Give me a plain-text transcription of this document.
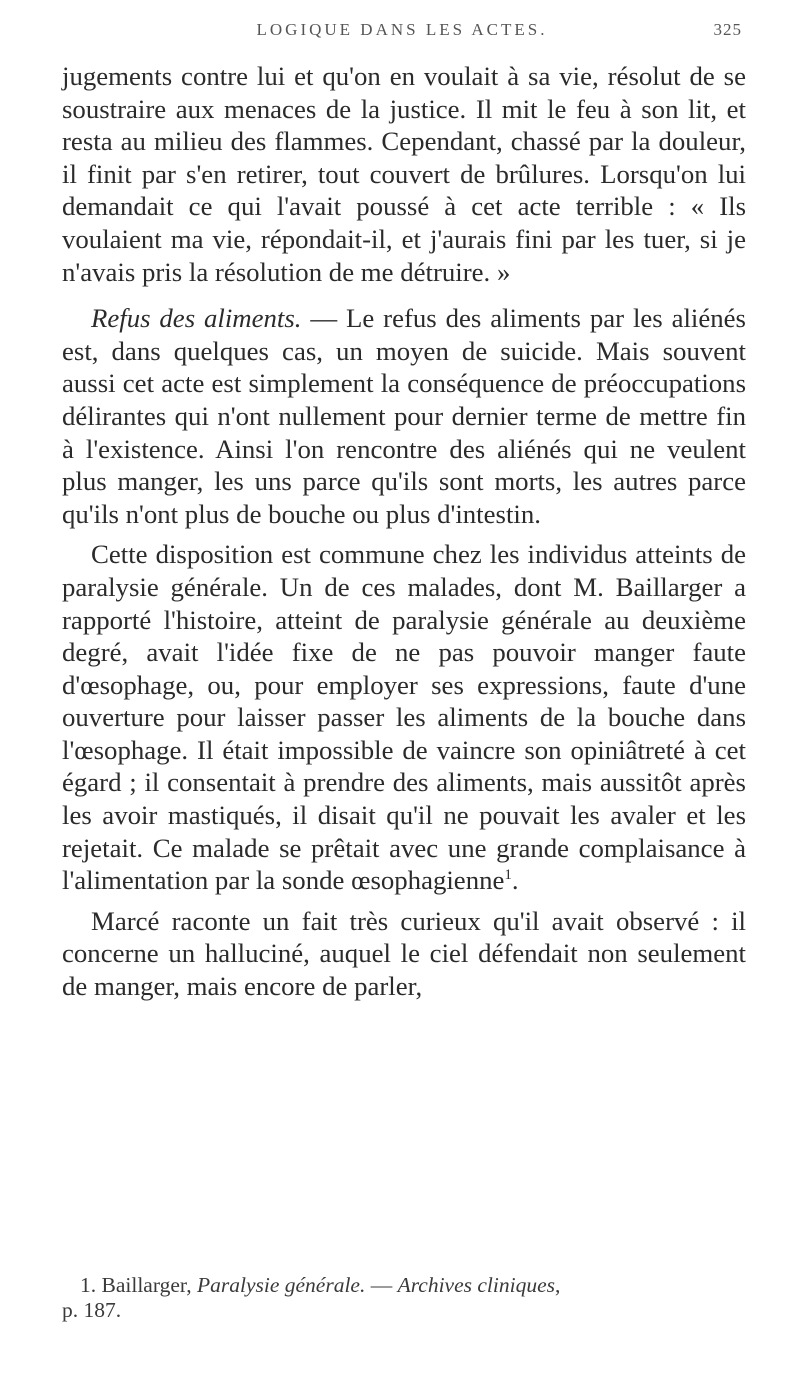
LOGIQUE DANS LES ACTES.	325

jugements contre lui et qu'on en voulait à sa vie, résolut de se soustraire aux menaces de la justice. Il mit le feu à son lit, et resta au milieu des flammes. Cependant, chassé par la douleur, il finit par s'en retirer, tout couvert de brûlures. Lorsqu'on lui demandait ce qui l'avait poussé à cet acte terrible : « Ils voulaient ma vie, répondait-il, et j'aurais fini par les tuer, si je n'avais pris la résolution de me détruire. »

Refus des aliments. — Le refus des aliments par les aliénés est, dans quelques cas, un moyen de suicide. Mais souvent aussi cet acte est simplement la conséquence de préoccupations délirantes qui n'ont nullement pour dernier terme de mettre fin à l'existence. Ainsi l'on rencontre des aliénés qui ne veulent plus manger, les uns parce qu'ils sont morts, les autres parce qu'ils n'ont plus de bouche ou plus d'intestin.

Cette disposition est commune chez les individus atteints de paralysie générale. Un de ces malades, dont M. Baillarger a rapporté l'histoire, atteint de paralysie générale au deuxième degré, avait l'idée fixe de ne pas pouvoir manger faute d'œsophage, ou, pour employer ses expressions, faute d'une ouverture pour laisser passer les aliments de la bouche dans l'œsophage. Il était impossible de vaincre son opiniâtreté à cet égard ; il consentait à prendre des aliments, mais aussitôt après les avoir mastiqués, il disait qu'il ne pouvait les avaler et les rejetait. Ce malade se prêtait avec une grande complaisance à l'alimentation par la sonde œsophagienne$^1$.

Marcé raconte un fait très curieux qu'il avait observé : il concerne un halluciné, auquel le ciel défendait non seulement de manger, mais encore de parler,

1. Baillarger, Paralysie générale. — Archives cliniques,
p. 187.
